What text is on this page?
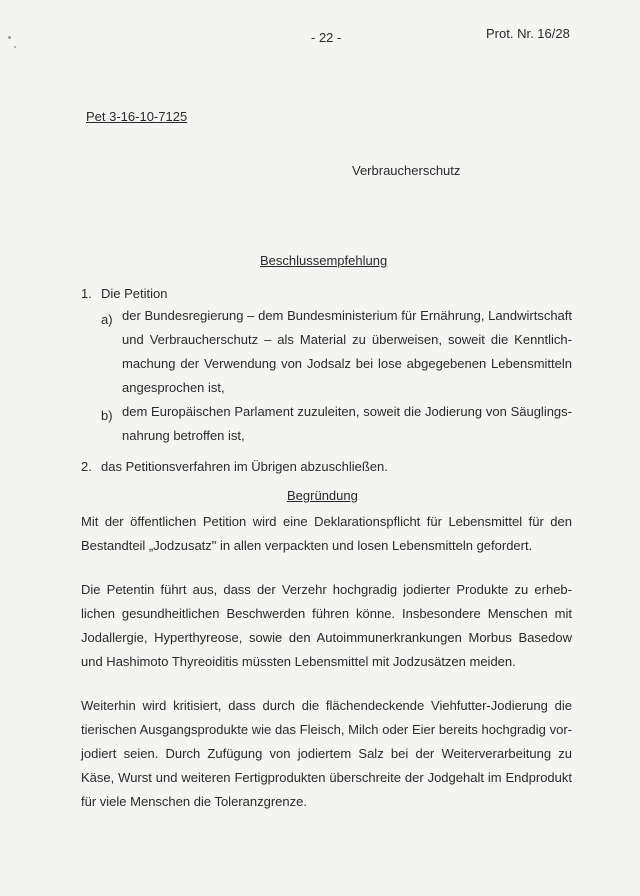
- 22 -	Prot. Nr. 16/28
Pet 3-16-10-7125
Verbraucherschutz
Beschlussempfehlung
1. Die Petition
a) der Bundesregierung – dem Bundesministerium für Ernährung, Landwirtschaft
und Verbraucherschutz – als Material zu überweisen, soweit die Kenntlich-
machung der Verwendung von Jodsalz bei lose abgegebenen Lebensmitteln
angesprochen ist,
b) dem Europäischen Parlament zuzuleiten, soweit die Jodierung von Säuglings-
nahrung betroffen ist,
2. das Petitionsverfahren im Übrigen abzuschließen.
Begründung
Mit der öffentlichen Petition wird eine Deklarationspflicht für Lebensmittel für den
Bestandteil „Jodzusatz" in allen verpackten und losen Lebensmitteln gefordert.
Die Petentin führt aus, dass der Verzehr hochgradig jodierter Produkte zu erheb-
lichen gesundheitlichen Beschwerden führen könne. Insbesondere Menschen mit
Jodallergie, Hyperthyreose, sowie den Autoimmunerkrankungen Morbus Basedow
und Hashimoto Thyreoiditis müssten Lebensmittel mit Jodzusätzen meiden.
Weiterhin wird kritisiert, dass durch die flächendeckende Viehfutter-Jodierung die
tierischen Ausgangsprodukte wie das Fleisch, Milch oder Eier bereits hochgradig vor-
jodiert seien. Durch Zufügung von jodiertem Salz bei der Weiterverarbeitung zu
Käse, Wurst und weiteren Fertigprodukten überschreite der Jodgehalt im Endprodukt
für viele Menschen die Toleranzgrenze.
